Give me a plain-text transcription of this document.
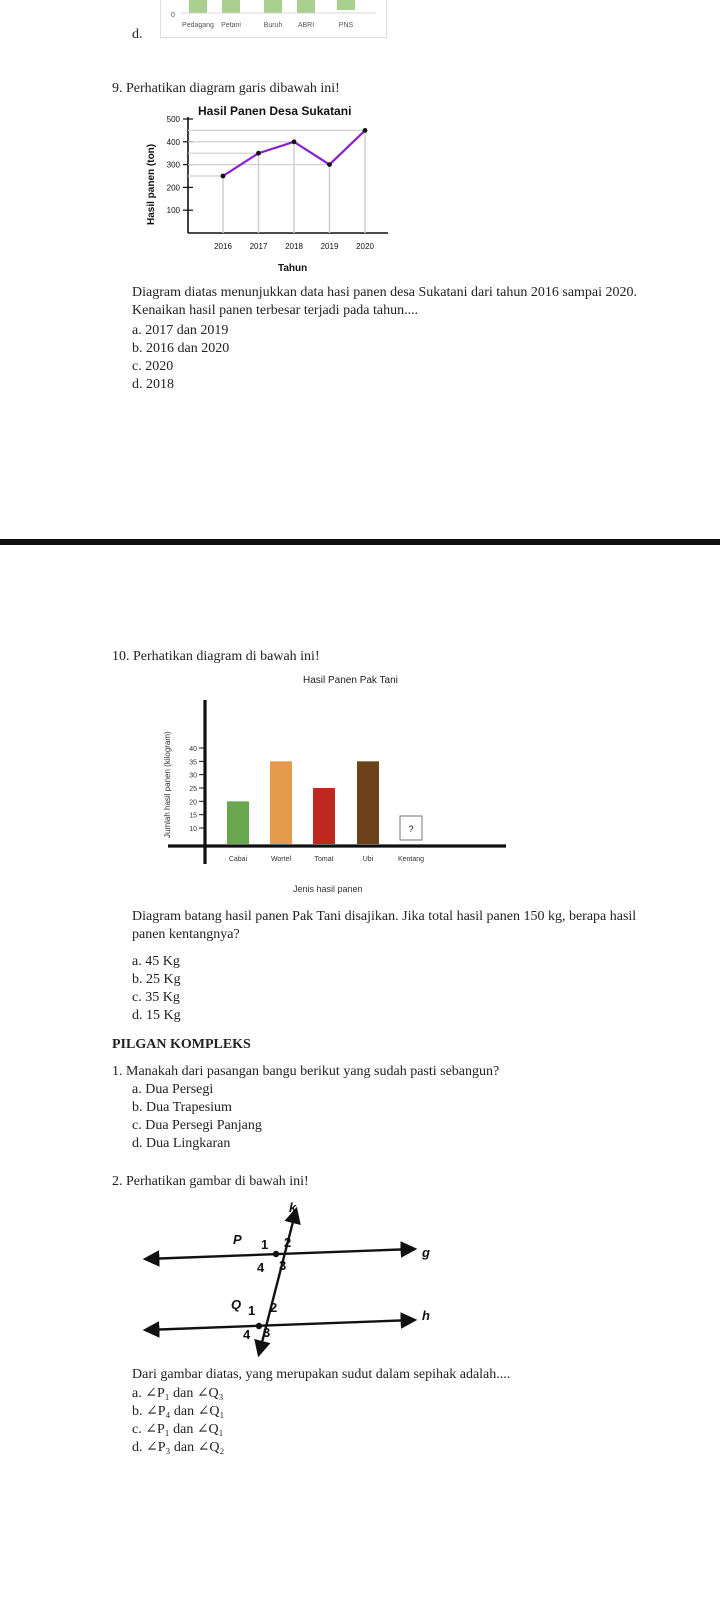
0
Pedagang Petani	Buruh ABRI	PNS
d.
9. Perhatikan diagram garis dibawah ini!
Hasil Panen Desa Sukatani
Tahun
Hasil panen (ton) 100
200
300
400
500
2016 2017 2018 2019 2020
Diagram diatas menunjukkan data hasi panen desa Sukatani dari tahun 2016 sampai 2020. Kenaikan hasil panen terbesar terjadi pada tahun....
a. 2017 dan 2019
b. 2016 dan 2020
c. 2020
d. 2018
10. Perhatikan diagram di bawah ini!
Hasil Panen Pak Tani
Jenis hasil panen
Jumlah hasil panen (kilogram) 10
15
20
25
30
35
40
Cabai	Wortel	Tomat	Ubi
?
Kentang
Diagram batang hasil panen Pak Tani disajikan. Jika total hasil panen 150 kg, berapa hasil panen kentangnya?
a. 45 Kg
b. 25 Kg
c. 35 Kg
d. 15 Kg
PILGAN KOMPLEKS
1. Manakah dari pasangan bangu berikut yang sudah pasti sebangun?
a. Dua Persegi
b. Dua Trapesium
c. Dua Persegi Panjang
d. Dua Lingkaran
2. Perhatikan gambar di bawah ini!
k
g
h
P
Q
1 2
4 3
1 2
4 3
Dari gambar diatas, yang merupakan sudut dalam sepihak adalah....
a. ∠P₁ dan ∠Q₃
b. ∠P₄ dan ∠Q₁
c. ∠P₁ dan ∠Q₁
d. ∠P₃ dan ∠Q₂
